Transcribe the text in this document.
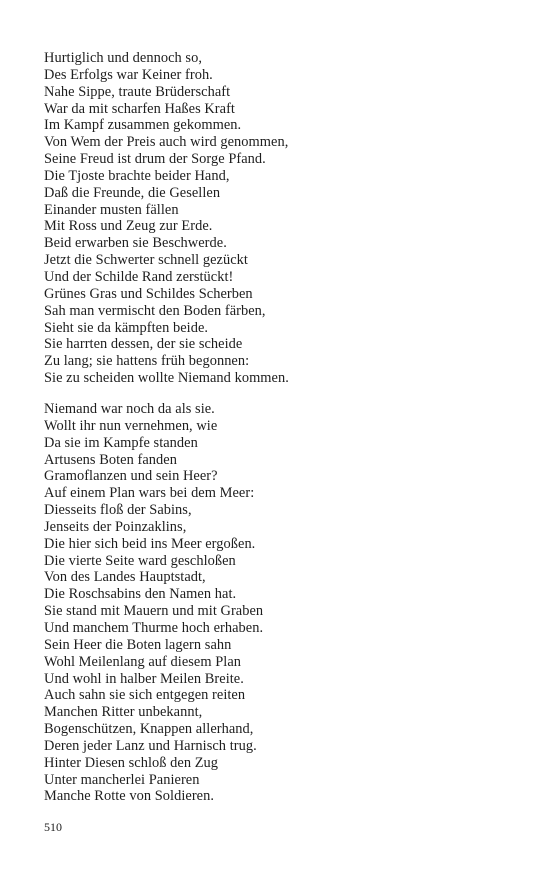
Hurtiglich und dennoch so,
Des Erfolgs war Keiner froh.
Nahe Sippe, traute Brüderschaft
War da mit scharfen Haßes Kraft
Im Kampf zusammen gekommen.
Von Wem der Preis auch wird genommen,
Seine Freud ist drum der Sorge Pfand.
Die Tjoste brachte beider Hand,
Daß die Freunde, die Gesellen
Einander musten fällen
Mit Ross und Zeug zur Erde.
Beid erwarben sie Beschwerde.
Jetzt die Schwerter schnell gezückt
Und der Schilde Rand zerstückt!
Grünes Gras und Schildes Scherben
Sah man vermischt den Boden färben,
Sieht sie da kämpften beide.
Sie harrten dessen, der sie scheide
Zu lang; sie hattens früh begonnen:
Sie zu scheiden wollte Niemand kommen.
Niemand war noch da als sie.
Wollt ihr nun vernehmen, wie
Da sie im Kampfe standen
Artusens Boten fanden
Gramoflanzen und sein Heer?
Auf einem Plan wars bei dem Meer:
Diesseits floß der Sabins,
Jenseits der Poinzaklins,
Die hier sich beid ins Meer ergoßen.
Die vierte Seite ward geschloßen
Von des Landes Hauptstadt,
Die Roschsabins den Namen hat.
Sie stand mit Mauern und mit Graben
Und manchem Thurme hoch erhaben.
Sein Heer die Boten lagern sahn
Wohl Meilenlang auf diesem Plan
Und wohl in halber Meilen Breite.
Auch sahn sie sich entgegen reiten
Manchen Ritter unbekannt,
Bogenschützen, Knappen allerhand,
Deren jeder Lanz und Harnisch trug.
Hinter Diesen schloß den Zug
Unter mancherlei Panieren
Manche Rotte von Soldieren.
510
